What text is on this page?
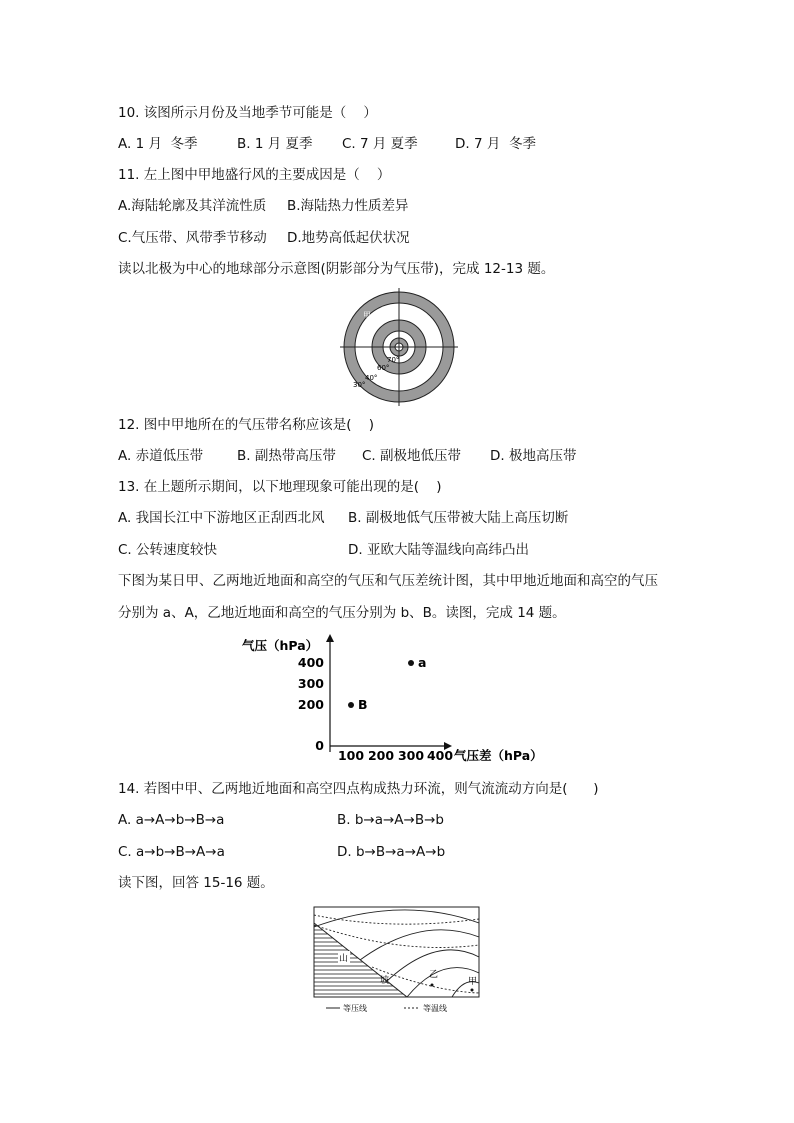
10. 该图所示月份及当地季节可能是（    ）
A. 1 月  冬季	B. 1 月 夏季 C. 7 月 夏季	D. 7 月  冬季
11. 左上图中甲地盛行风的主要成因是（    ）
A.海陆轮廓及其洋流性质 B.海陆热力性质差异
C.气压带、风带季节移动 D.地势高低起伏状况
读以北极为中心的地球部分示意图(阴影部分为气压带)，完成 12-13 题。
甲
70°
60°
40°
30°
12. 图中甲地所在的气压带名称应该是(    )
A. 赤道低压带	B. 副热带高压带 C. 副极地低压带 D. 极地高压带
13. 在上题所示期间，以下地理现象可能出现的是(    )
A. 我国长江中下游地区正刮西北风 B. 副极地低气压带被大陆上高压切断
C. 公转速度较快	D. 亚欧大陆等温线向高纬凸出
下图为某日甲、乙两地近地面和高空的气压和气压差统计图，其中甲地近地面和高空的气压
分别为 a、A，乙地近地面和高空的气压分别为 b、B。读图，完成 14 题。
气压（hPa）
气压差（hPa）
0
200
300
400
100 200 300 400
a
B
14. 若图中甲、乙两地近地面和高空四点构成热力环流，则气流流动方向是(      )
A. a→A→b→B→a	B. b→a→A→B→b
C. a→b→B→A→a	D. b→B→a→A→b
读下图，回答 15-16 题。
山
坡
乙
甲
等压线	等温线
